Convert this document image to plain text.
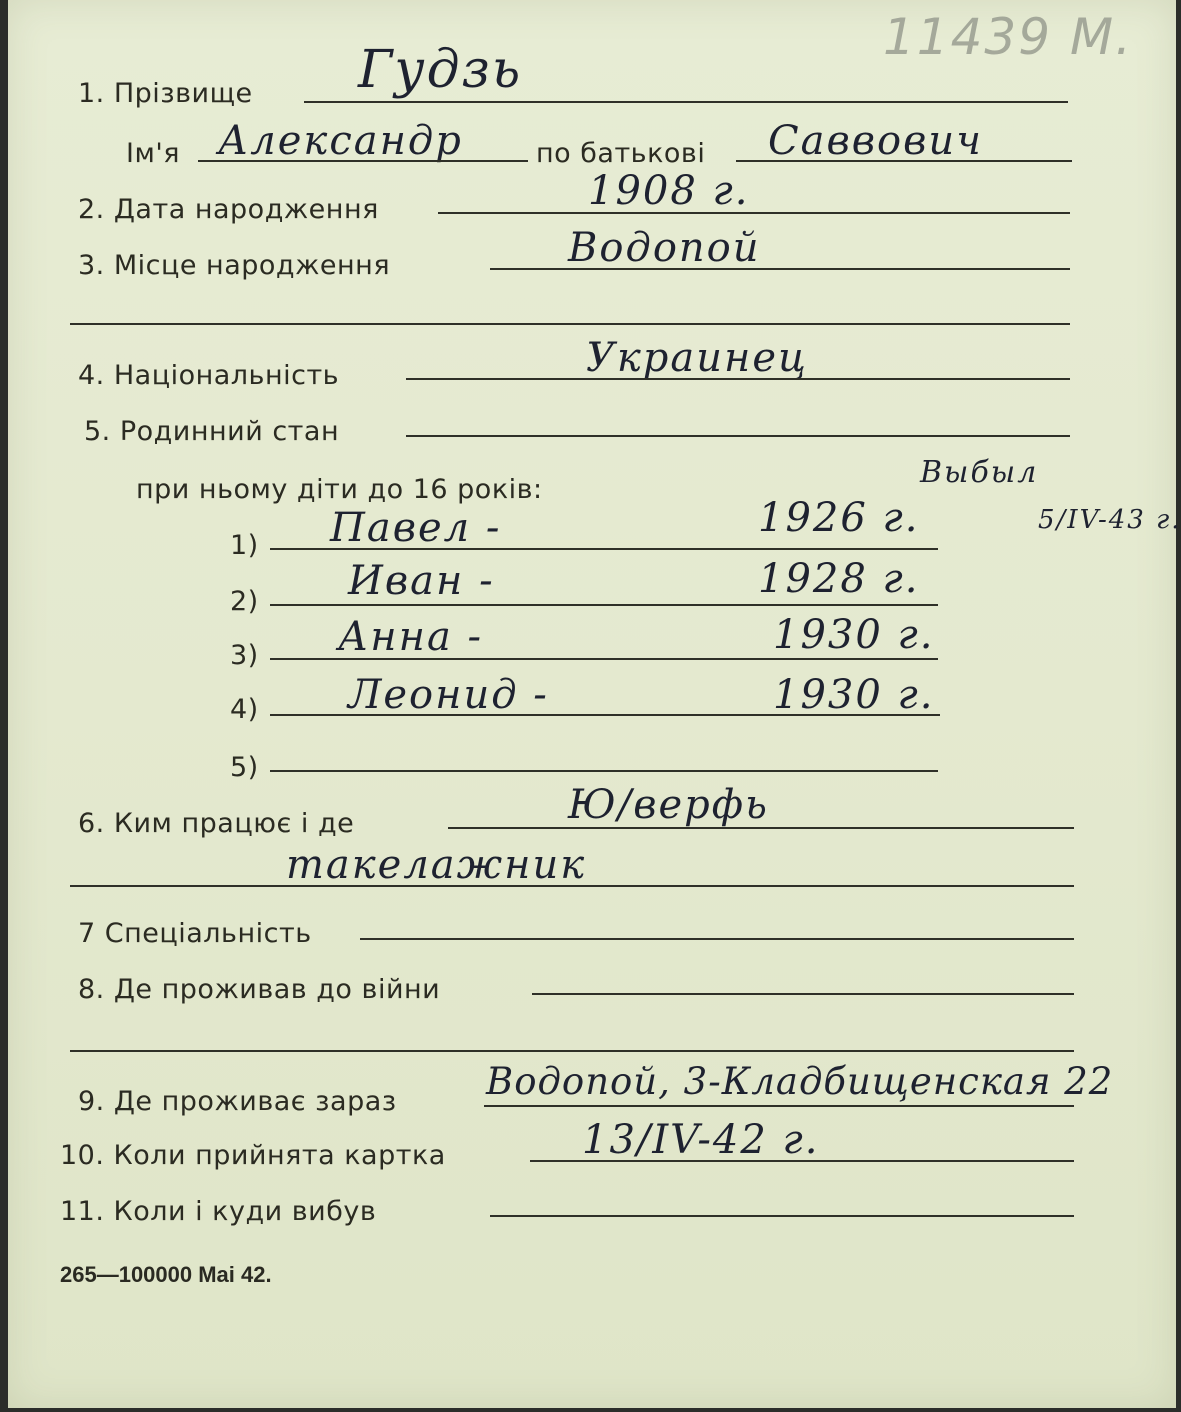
11439 М.
1. Прізвище Гудзь
Ім'я Александр	по батькові Саввович
2. Дата народження	1908 г.
3. Місце народження	Водопой
4. Національність	Украинец
5. Родинний стан
при ньому діти до 16 років:	Выбыл
5/IV-43 г.
1) Павел -	1926 г.
2) Иван -	1928 г.
3) Анна -	1930 г.
4) Леонид -	1930 г.
5)
6. Ким працює і де	Ю/верфь
такелажник
7 Спеціальність
8. Де проживав до війни
9. Де проживає зараз Водопой, 3-Кладбищенская 22
10. Коли прийнята картка	13/IV-42 г.
11. Коли і куди вибув
265—100000 Mai 42.
